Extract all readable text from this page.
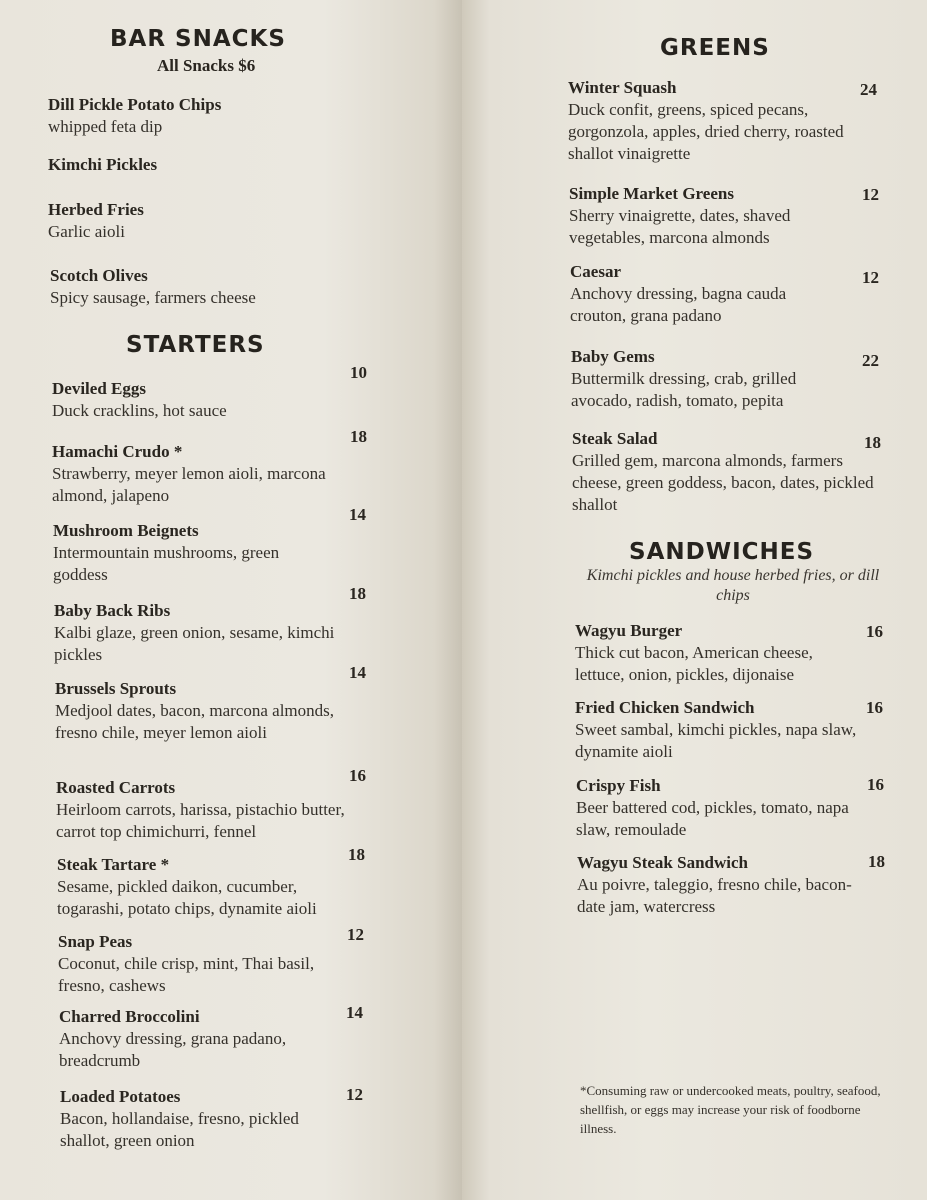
BAR SNACKS

All Snacks $6

Dill Pickle Potato Chips
whipped feta dip
Kimchi Pickles
Herbed Fries
Garlic aioli
Scotch Olives
Spicy sausage, farmers cheese
STARTERS
Deviled Eggs
Duck cracklins, hot sauce
10
Hamachi Crudo *
Strawberry, meyer lemon aioli, marcona almond, jalapeno
18
Mushroom Beignets
Intermountain mushrooms, green goddess
14
Baby Back Ribs
Kalbi glaze, green onion, sesame, kimchi pickles
18
Brussels Sprouts
Medjool dates, bacon, marcona almonds, fresno chile, meyer lemon aioli
14
Roasted Carrots
Heirloom carrots, harissa, pistachio butter, carrot top chimichurri, fennel
16
Steak Tartare *
Sesame, pickled daikon, cucumber, togarashi, potato chips, dynamite aioli
18
Snap Peas
Coconut, chile crisp, mint, Thai basil, fresno, cashews
12
Charred Broccolini
Anchovy dressing, grana padano, breadcrumb
14
Loaded Potatoes
Bacon, hollandaise, fresno, pickled shallot, green onion
12
GREENS
Winter Squash
Duck confit, greens, spiced pecans, gorgonzola, apples, dried cherry, roasted shallot vinaigrette
24
Simple Market Greens
Sherry vinaigrette, dates, shaved vegetables, marcona almonds
12
Caesar
Anchovy dressing, bagna cauda crouton, grana padano
12
Baby Gems
Buttermilk dressing, crab, grilled avocado, radish, tomato, pepita
22
Steak Salad
Grilled gem, marcona almonds, farmers cheese, green goddess, bacon, dates, pickled shallot
18
SANDWICHES

Kimchi pickles and house herbed fries, or dill chips

Wagyu Burger
Thick cut bacon, American cheese, lettuce, onion, pickles, dijonaise
16
Fried Chicken Sandwich
Sweet sambal, kimchi pickles, napa slaw, dynamite aioli
16
Crispy Fish
Beer battered cod, pickles, tomato, napa slaw, remoulade
16
Wagyu Steak Sandwich
Au poivre, taleggio, fresno chile, bacon-date jam, watercress
18

*Consuming raw or undercooked meats, poultry, seafood, shellfish, or eggs may increase your risk of foodborne illness.
